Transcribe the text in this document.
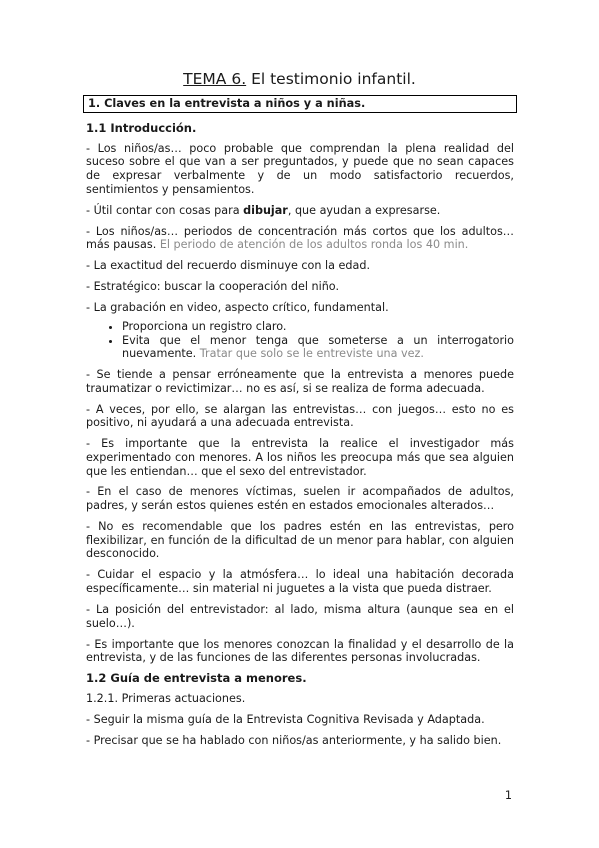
TEMA 6. El testimonio infantil.
1. Claves en la entrevista a niños y a niñas.
1.1 Introducción.

- Los niños/as… poco probable que comprendan la plena realidad del suceso sobre el que van a ser preguntados, y puede que no sean capaces de expresar verbalmente y de un modo satisfactorio recuerdos, sentimientos y pensamientos.

- Útil contar con cosas para dibujar, que ayudan a expresarse.

- Los niños/as… periodos de concentración más cortos que los adultos… más pausas. El periodo de atención de los adultos ronda los 40 min.

- La exactitud del recuerdo disminuye con la edad.

- Estratégico: buscar la cooperación del niño.

- La grabación en video, aspecto crítico, fundamental.

• Proporciona un registro claro.
• Evita que el menor tenga que someterse a un interrogatorio nuevamente. Tratar que solo se le entreviste una vez.

- Se tiende a pensar erróneamente que la entrevista a menores puede traumatizar o revictimizar… no es así, si se realiza de forma adecuada.

- A veces, por ello, se alargan las entrevistas… con juegos… esto no es positivo, ni ayudará a una adecuada entrevista.

- Es importante que la entrevista la realice el investigador más experimentado con menores. A los niños les preocupa más que sea alguien que les entiendan… que el sexo del entrevistador.

- En el caso de menores víctimas, suelen ir acompañados de adultos, padres, y serán estos quienes estén en estados emocionales alterados…

- No es recomendable que los padres estén en las entrevistas, pero flexibilizar, en función de la dificultad de un menor para hablar, con alguien desconocido.

- Cuidar el espacio y la atmósfera… lo ideal una habitación decorada específicamente… sin material ni juguetes a la vista que pueda distraer.

- La posición del entrevistador: al lado, misma altura (aunque sea en el suelo…).

- Es importante que los menores conozcan la finalidad y el desarrollo de la entrevista, y de las funciones de las diferentes personas involucradas.

1.2 Guía de entrevista a menores.

1.2.1. Primeras actuaciones.

- Seguir la misma guía de la Entrevista Cognitiva Revisada y Adaptada.

- Precisar que se ha hablado con niños/as anteriormente, y ha salido bien.

1
